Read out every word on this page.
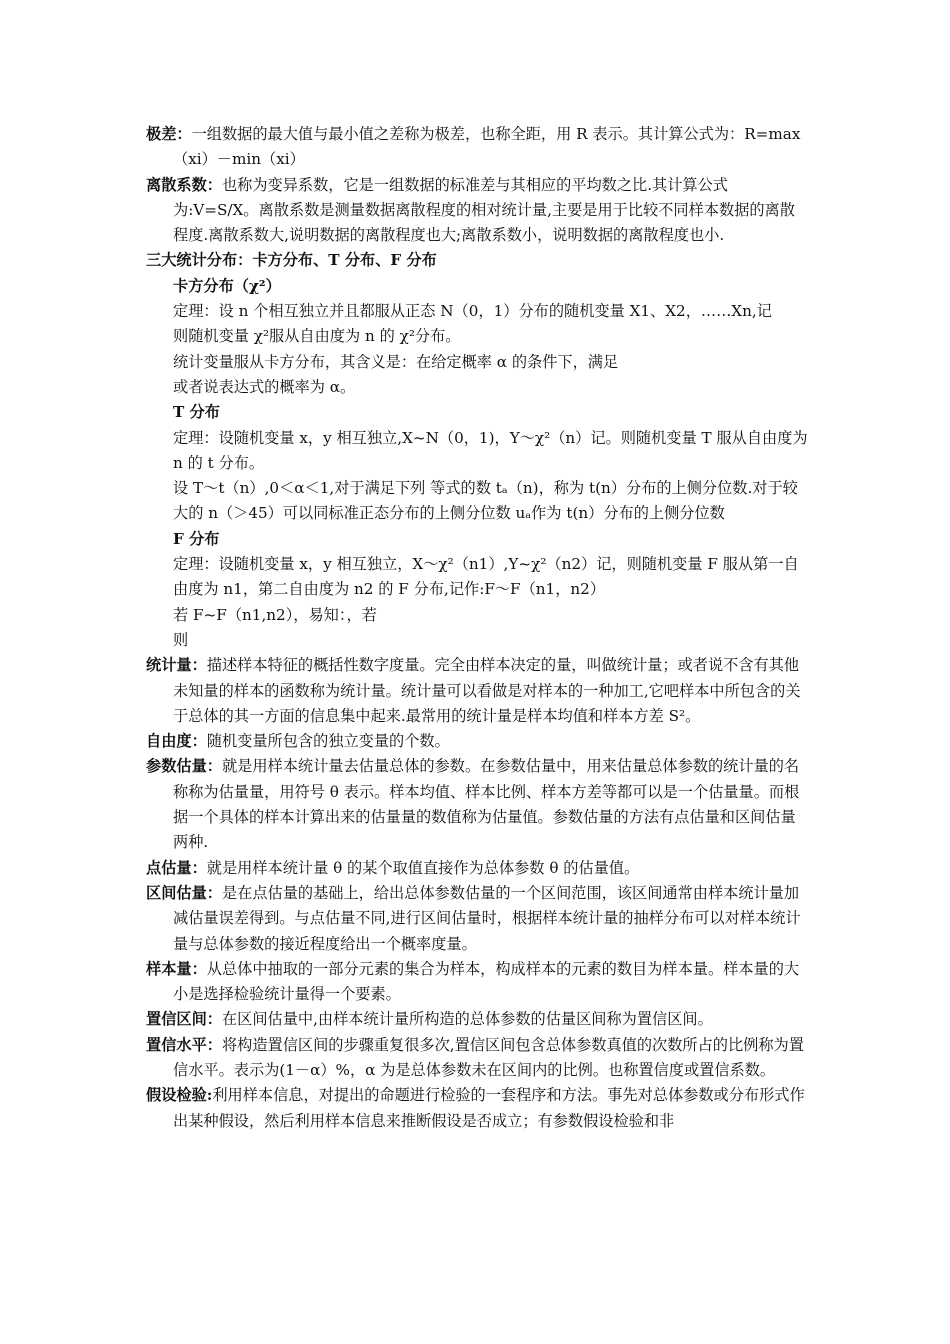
极差：一组数据的最大值与最小值之差称为极差，也称全距，用 R 表示。其计算公式为：R=max（xi）－min（xi）

离散系数：也称为变异系数，它是一组数据的标准差与其相应的平均数之比.其计算公式为:V=S/X。离散系数是测量数据离散程度的相对统计量,主要是用于比较不同样本数据的离散程度.离散系数大,说明数据的离散程度也大;离散系数小，说明数据的离散程度也小.

三大统计分布：卡方分布、T 分布、F 分布

卡方分布（χ²）

定理：设 n 个相互独立并且都服从正态 N（0，1）分布的随机变量 X1、X2，……Xn,记

则随机变量 χ²服从自由度为 n 的 χ²分布。

统计变量服从卡方分布，其含义是：在给定概率 α 的条件下，满足

或者说表达式的概率为 α。

T 分布

定理：设随机变量 x，y 相互独立,X~N（0，1)，Y～χ²（n）记。则随机变量 T 服从自由度为 n 的 t 分布。

设 T～t（n）,0＜α＜1,对于满足下列 等式的数 tₐ（n)，称为 t(n）分布的上侧分位数.对于较大的 n（＞45）可以同标准正态分布的上侧分位数 uₐ作为 t(n）分布的上侧分位数

F 分布

定理：设随机变量 x，y 相互独立，X～χ²（n1）,Y~χ²（n2）记，则随机变量 F 服从第一自由度为 n1，第二自由度为 n2 的 F 分布,记作:F～F（n1，n2）

若 F~F（n1,n2），易知：，若

则

统计量：描述样本特征的概括性数字度量。完全由样本决定的量，叫做统计量；或者说不含有其他未知量的样本的函数称为统计量。统计量可以看做是对样本的一种加工,它吧样本中所包含的关于总体的其一方面的信息集中起来.最常用的统计量是样本均值和样本方差 S²。

自由度：随机变量所包含的独立变量的个数。

参数估量：就是用样本统计量去估量总体的参数。在参数估量中，用来估量总体参数的统计量的名称称为估量量，用符号 θ 表示。样本均值、样本比例、样本方差等都可以是一个估量量。而根据一个具体的样本计算出来的估量量的数值称为估量值。参数估量的方法有点估量和区间估量两种.

点估量：就是用样本统计量 θ 的某个取值直接作为总体参数 θ 的估量值。

区间估量：是在点估量的基础上，给出总体参数估量的一个区间范围，该区间通常由样本统计量加减估量误差得到。与点估量不同,进行区间估量时，根据样本统计量的抽样分布可以对样本统计量与总体参数的接近程度给出一个概率度量。

样本量：从总体中抽取的一部分元素的集合为样本，构成样本的元素的数目为样本量。样本量的大小是选择检验统计量得一个要素。

置信区间：在区间估量中,由样本统计量所构造的总体参数的估量区间称为置信区间。

置信水平：将构造置信区间的步骤重复很多次,置信区间包含总体参数真值的次数所占的比例称为置信水平。表示为(1－α）%，α 为是总体参数未在区间内的比例。也称置信度或置信系数。

假设检验:利用样本信息，对提出的命题进行检验的一套程序和方法。事先对总体参数或分布形式作出某种假设，然后利用样本信息来推断假设是否成立；有参数假设检验和非
